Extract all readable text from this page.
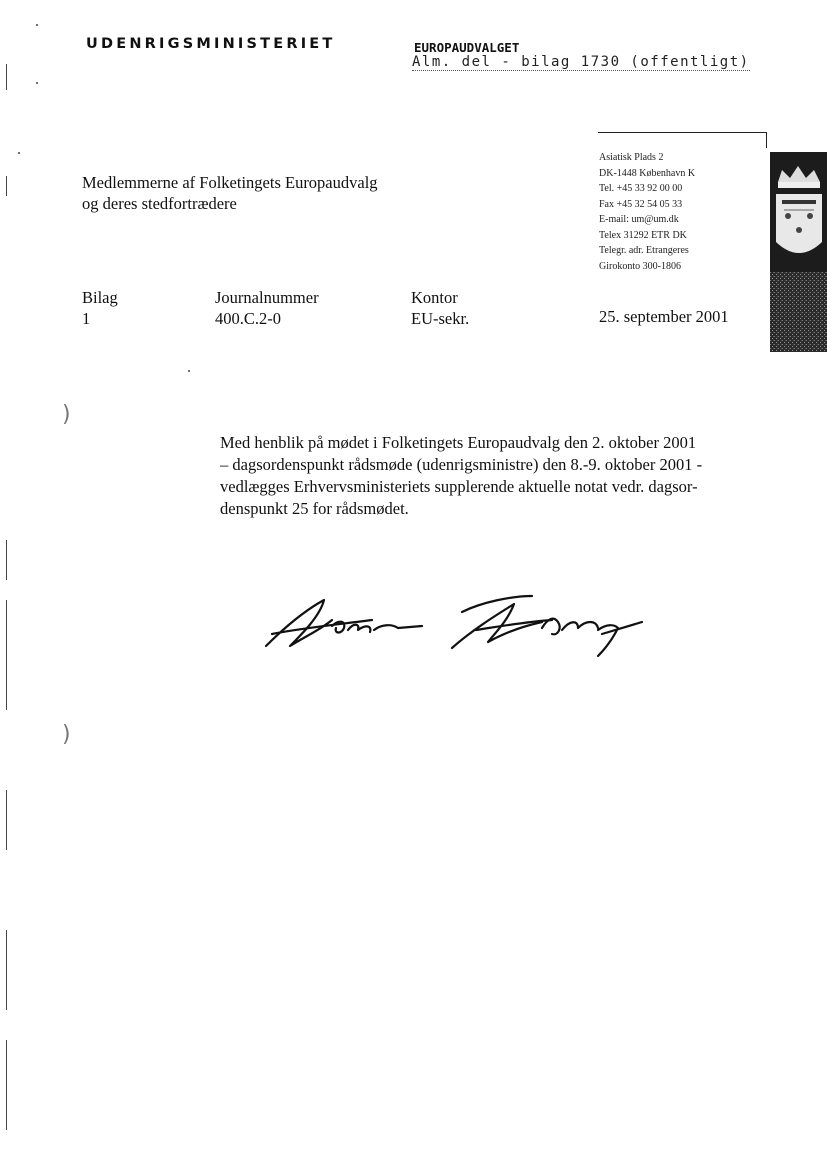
UDENRIGSMINISTERIET	EUROPAUDVALGET
Alm. del - bilag 1730 (offentligt)
Medlemmerne af Folketingets Europaudvalg
og deres stedfortrædere
Asiatisk Plads 2
DK-1448 København K
Tel. +45 33 92 00 00
Fax +45 32 54 05 33
E-mail: um@um.dk
Telex 31292 ETR DK
Telegr. adr. Etrangeres
Girokonto 300-1806
Bilag
1
Journalnummer
400.C.2-0
Kontor
EU-sekr.	25. september 2001
Med henblik på mødet i Folketingets Europaudvalg den 2. oktober 2001
– dagsordenspunkt rådsmøde (udenrigsministre) den 8.-9. oktober 2001 -
vedlægges Erhvervsministeriets supplerende aktuelle notat vedr. dagsor-
denspunkt 25 for rådsmødet.
)
)
